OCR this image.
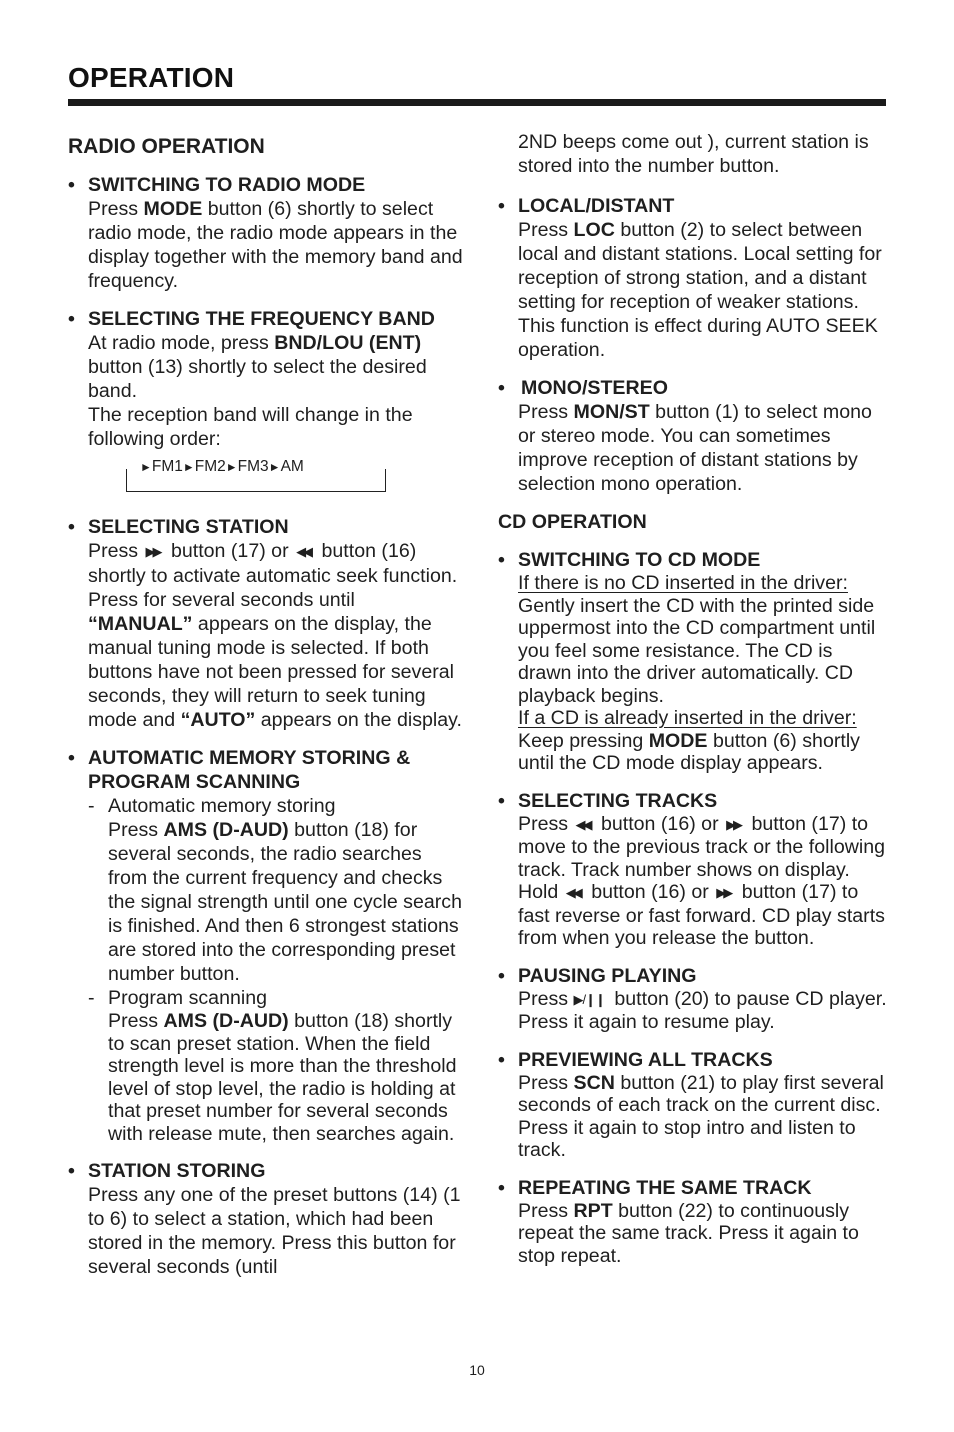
OPERATION
RADIO OPERATION
• SWITCHING TO RADIO MODE
Press MODE button (6) shortly to select radio mode, the radio mode appears in the display together with the memory band and frequency.
• SELECTING THE FREQUENCY BAND
At radio mode, press BND/LOU (ENT) button (13) shortly to select the desired band.
The reception band will change in the following order:
►FM1►FM2►FM3►AM
• SELECTING STATION
Press ▶▶ button (17) or ◀◀ button (16) shortly to activate automatic seek function. Press for several seconds until “MANUAL” appears on the display, the manual tuning mode is selected. If both buttons have not been pressed for several seconds, they will return to seek tuning mode and “AUTO” appears on the display.
• AUTOMATIC MEMORY STORING & PROGRAM SCANNING
- Automatic memory storing
Press AMS (D-AUD) button (18) for several seconds, the radio searches from the current frequency and checks the signal strength until one cycle search is finished. And then 6 strongest stations are stored into the corresponding preset number button.
- Program scanning
Press AMS (D-AUD) button (18) shortly to scan preset station. When the field strength level is more than the threshold level of stop level, the radio is holding at that preset number for several seconds with release mute, then searches again.
• STATION STORING
Press any one of the preset buttons (14) (1 to 6) to select a station, which had been stored in the memory. Press this button for several seconds (until
2ND beeps come out ), current station is stored into the number button.
• LOCAL/DISTANT
Press LOC button (2) to select between local and distant stations. Local setting for reception of strong station, and a distant setting for reception of weaker stations. This function is effect during AUTO SEEK operation.
• MONO/STEREO
Press MON/ST button (1) to select mono or stereo mode. You can sometimes improve reception of distant stations by selection mono operation.
CD OPERATION
• SWITCHING TO CD MODE
If there is no CD inserted in the driver:
Gently insert the CD with the printed side uppermost into the CD compartment until you feel some resistance. The CD is drawn into the driver automatically. CD playback begins.
If a CD is already inserted in the driver:
Keep pressing MODE button (6) shortly until the CD mode display appears.
• SELECTING TRACKS
Press ◀◀ button (16) or ▶▶ button (17) to move to the previous track or the following track. Track number shows on display.
Hold ◀◀ button (16) or ▶▶ button (17) to fast reverse or fast forward. CD play starts from when you release the button.
• PAUSING PLAYING
Press ▶/❙❙ button (20) to pause CD player. Press it again to resume play.
• PREVIEWING ALL TRACKS
Press SCN button (21) to play first several seconds of each track on the current disc. Press it again to stop intro and listen to track.
• REPEATING THE SAME TRACK
Press RPT button (22) to continuously repeat the same track. Press it again to stop repeat.
10
